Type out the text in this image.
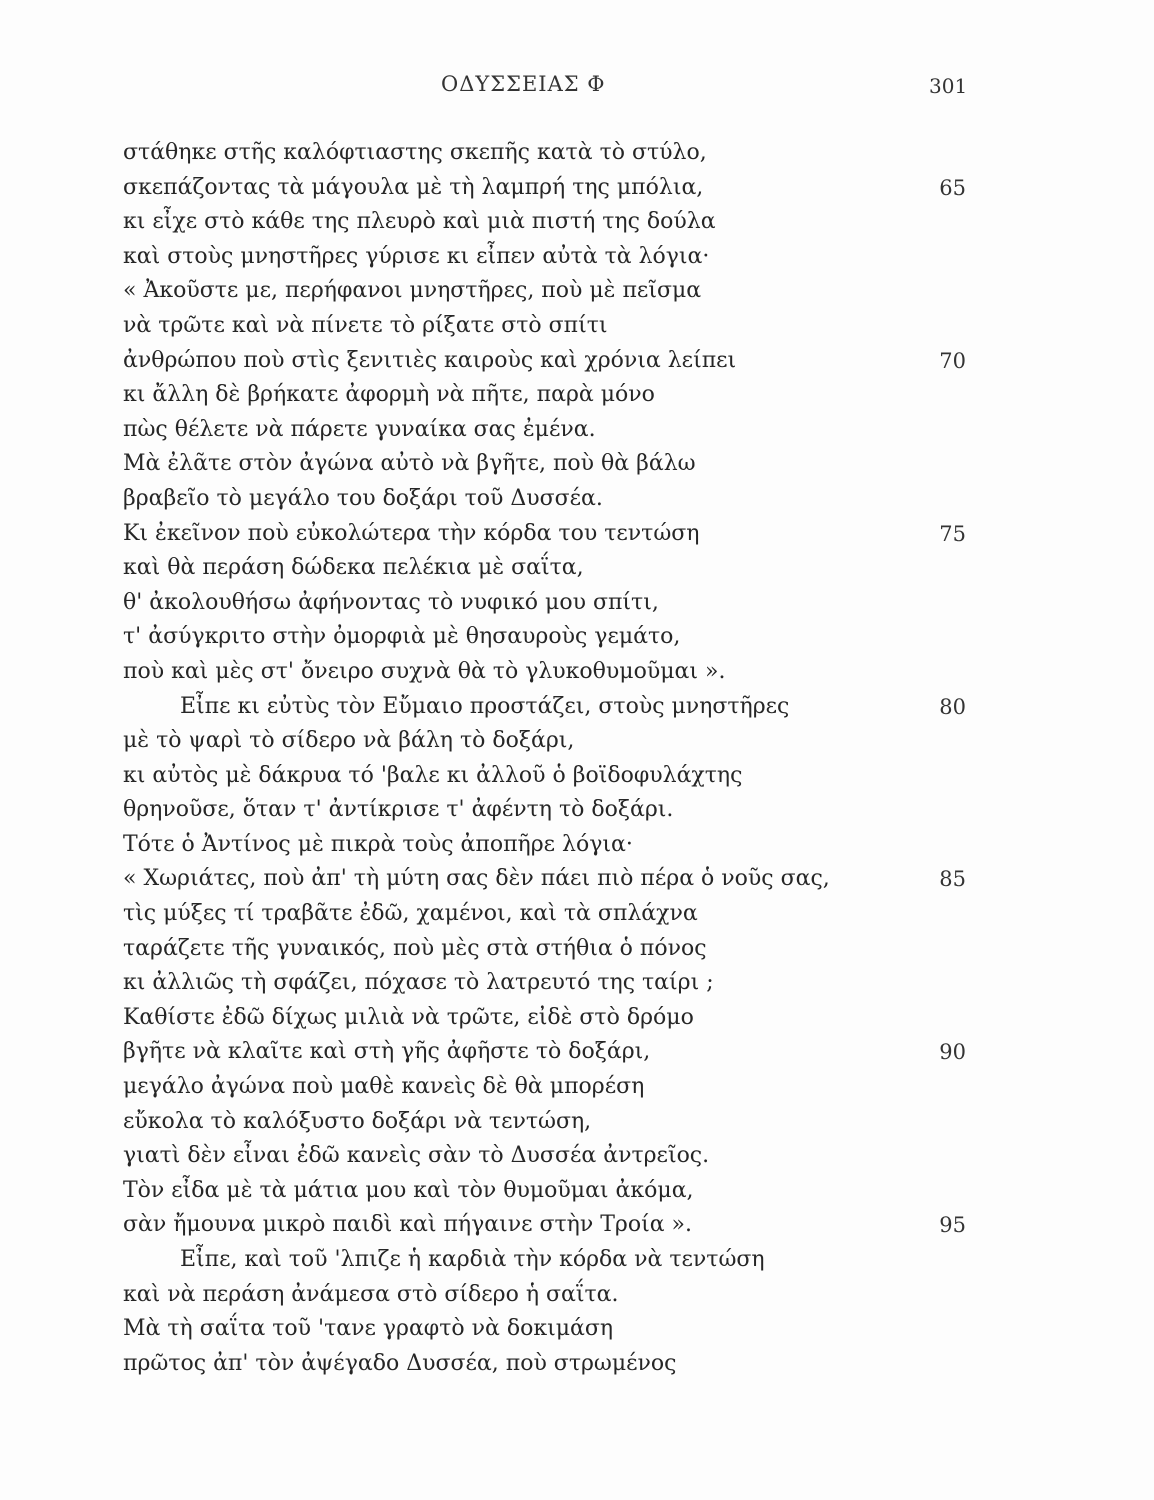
ΟΔΥΣΣΕΙΑΣ Φ	301
στάθηκε στῆς καλόφτιαστης σκεπῆς κατὰ τὸ στύλο,
σκεπάζοντας τὰ μάγουλα μὲ τὴ λαμπρή της μπόλια,	65
κι εἶχε στὸ κάθε της πλευρὸ καὶ μιὰ πιστή της δούλα
καὶ στοὺς μνηστῆρες γύρισε κι εἶπεν αὐτὰ τὰ λόγια·
« Ἀκοῦστε με, περήφανοι μνηστῆρες, ποὺ μὲ πεῖσμα
νὰ τρῶτε καὶ νὰ πίνετε τὸ ρίξατε στὸ σπίτι
ἀνθρώπου ποὺ στὶς ξενιτιὲς καιροὺς καὶ χρόνια λείπει	70
κι ἄλλη δὲ βρήκατε ἀφορμὴ νὰ πῆτε, παρὰ μόνο
πὼς θέλετε νὰ πάρετε γυναίκα σας ἐμένα.
Μὰ ἐλᾶτε στὸν ἀγώνα αὐτὸ νὰ βγῆτε, ποὺ θὰ βάλω
βραβεῖο τὸ μεγάλο του δοξάρι τοῦ Δυσσέα.
Κι ἐκεῖνον ποὺ εὐκολώτερα τὴν κόρδα του τεντώση	75
καὶ θὰ περάση δώδεκα πελέκια μὲ σαΐτα,
θ' ἀκολουθήσω ἀφήνοντας τὸ νυφικό μου σπίτι,
τ' ἀσύγκριτο στὴν ὀμορφιὰ μὲ θησαυροὺς γεμάτο,
ποὺ καὶ μὲς στ' ὄνειρο συχνὰ θὰ τὸ γλυκοθυμοῦμαι ».
Εἶπε κι εὐτὺς τὸν Εὔμαιο προστάζει, στοὺς μνηστῆρες	80
μὲ τὸ ψαρὶ τὸ σίδερο νὰ βάλη τὸ δοξάρι,
κι αὐτὸς μὲ δάκρυα τό 'βαλε κι ἀλλοῦ ὁ βοϊδοφυλάχτης
θρηνοῦσε, ὅταν τ' ἀντίκρισε τ' ἀφέντη τὸ δοξάρι.
Τότε ὁ Ἀντίνος μὲ πικρὰ τοὺς ἀποπῆρε λόγια·
« Χωριάτες, ποὺ ἀπ' τὴ μύτη σας δὲν πάει πιὸ πέρα ὁ νοῦς σας,	85
τὶς μύξες τί τραβᾶτε ἐδῶ, χαμένοι, καὶ τὰ σπλάχνα
ταράζετε τῆς γυναικός, ποὺ μὲς στὰ στήθια ὁ πόνος
κι ἀλλιῶς τὴ σφάζει, πόχασε τὸ λατρευτό της ταίρι ;
Καθίστε ἐδῶ δίχως μιλιὰ νὰ τρῶτε, εἰδὲ στὸ δρόμο
βγῆτε νὰ κλαῖτε καὶ στὴ γῆς ἀφῆστε τὸ δοξάρι,	90
μεγάλο ἀγώνα ποὺ μαθὲ κανεὶς δὲ θὰ μπορέση
εὔκολα τὸ καλόξυστο δοξάρι νὰ τεντώση,
γιατὶ δὲν εἶναι ἐδῶ κανεὶς σὰν τὸ Δυσσέα ἀντρεῖος.
Τὸν εἶδα μὲ τὰ μάτια μου καὶ τὸν θυμοῦμαι ἀκόμα,
σὰν ἤμουνα μικρὸ παιδὶ καὶ πήγαινε στὴν Τροία ».	95
Εἶπε, καὶ τοῦ 'λπιζε ἡ καρδιὰ τὴν κόρδα νὰ τεντώση
καὶ νὰ περάση ἀνάμεσα στὸ σίδερο ἡ σαΐτα.
Μὰ τὴ σαΐτα τοῦ 'τανε γραφτὸ νὰ δοκιμάση
πρῶτος ἀπ' τὸν ἀψέγαδο Δυσσέα, ποὺ στρωμένος
